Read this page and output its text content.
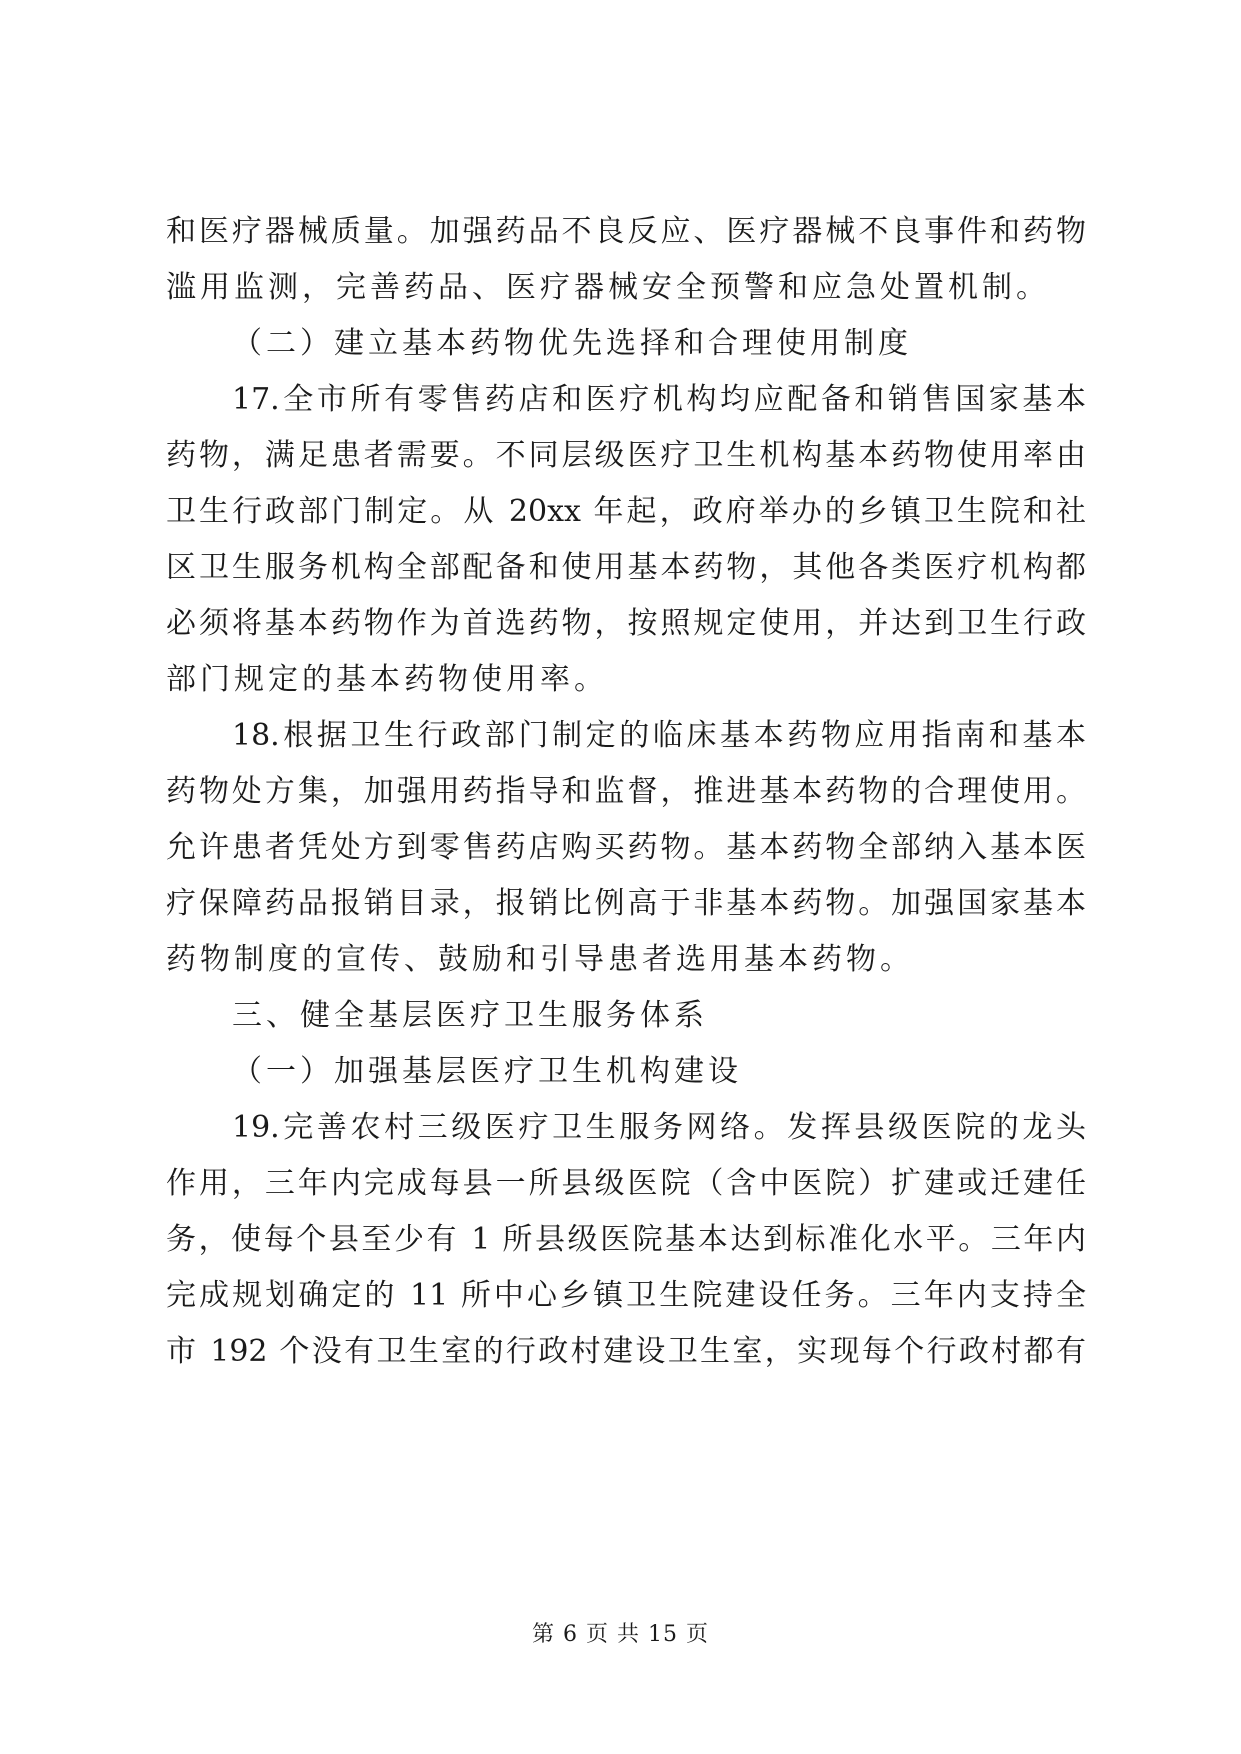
和医疗器械质量。加强药品不良反应、医疗器械不良事件和药物
滥用监测，完善药品、医疗器械安全预警和应急处置机制。
（二）建立基本药物优先选择和合理使用制度
17.全市所有零售药店和医疗机构均应配备和销售国家基本
药物，满足患者需要。不同层级医疗卫生机构基本药物使用率由
卫生行政部门制定。从 20xx 年起，政府举办的乡镇卫生院和社
区卫生服务机构全部配备和使用基本药物，其他各类医疗机构都
必须将基本药物作为首选药物，按照规定使用，并达到卫生行政
部门规定的基本药物使用率。
18.根据卫生行政部门制定的临床基本药物应用指南和基本
药物处方集，加强用药指导和监督，推进基本药物的合理使用。
允许患者凭处方到零售药店购买药物。基本药物全部纳入基本医
疗保障药品报销目录，报销比例高于非基本药物。加强国家基本
药物制度的宣传、鼓励和引导患者选用基本药物。
三、健全基层医疗卫生服务体系
（一）加强基层医疗卫生机构建设
19.完善农村三级医疗卫生服务网络。发挥县级医院的龙头
作用，三年内完成每县一所县级医院（含中医院）扩建或迁建任
务，使每个县至少有 1 所县级医院基本达到标准化水平。三年内
完成规划确定的 11 所中心乡镇卫生院建设任务。三年内支持全
市 192 个没有卫生室的行政村建设卫生室，实现每个行政村都有
第 6 页 共 15 页
